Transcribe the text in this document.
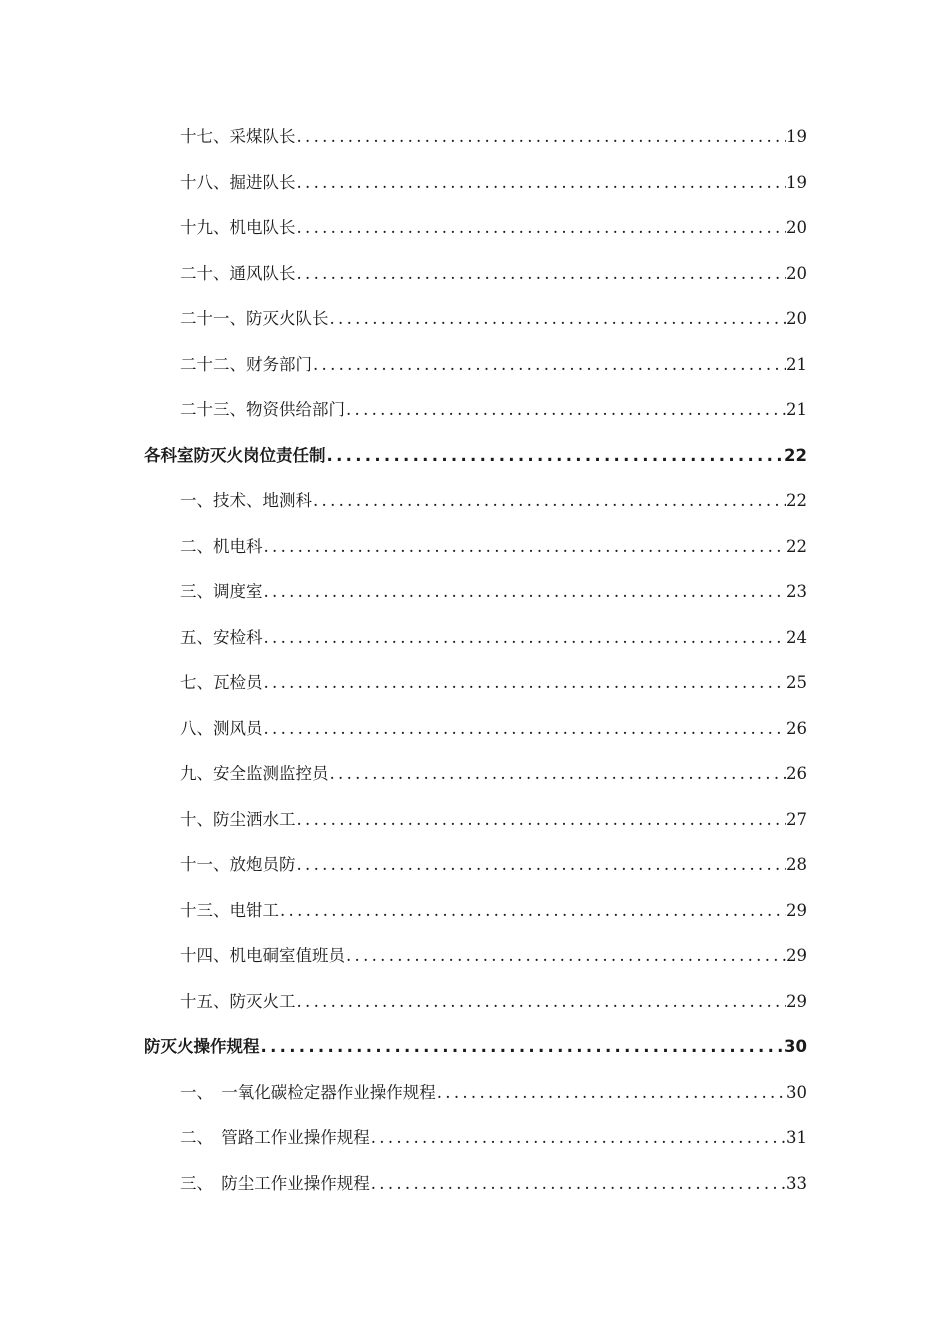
十七、采煤队长 .....	19
十八、掘进队长 .....	19
十九、机电队长 .....	20
二十、通风队长 .....	20
二十一、防灭火队长 .....	20
二十二、财务部门 .....	21
二十三、物资供给部门 .....	21
各科室防灭火岗位责任制 .....	22
一、技术、地测科 .....	22
二、机电科 .....	22
三、调度室 .....	23
五、安检科 .....	24
七、瓦检员 .....	25
八、测风员 .....	26
九、安全监测监控员 .....	26
十、防尘洒水工 .....	27
十一、放炮员防 .....	28
十三、电钳工 .....	29
十四、机电硐室值班员 .....	29
十五、防灭火工 .....	29
防灭火操作规程 .....	30
一、　一氧化碳检定器作业操作规程 .....	30
二、　管路工作业操作规程 .....	31
三、　防尘工作业操作规程 .....	33
